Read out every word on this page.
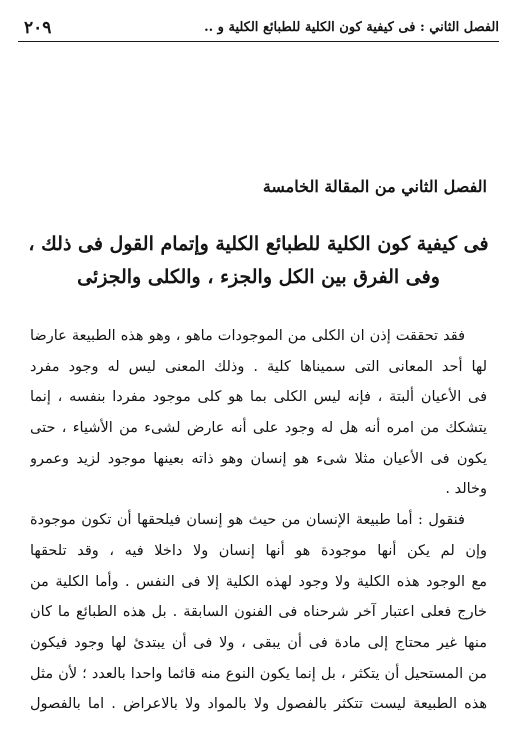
٢٠٩	الفصل الثاني : فى كيفية كون الكلية للطبائع الكلية و ..
الفصل الثاني من المقالة الخامسة
فى كيفية كون الكلية للطبائع الكلية وإتمام القول فى ذلك ،
وفى الفرق بين الكل والجزء ، والكلى والجزئى
فقد تحققت إذن ان الكلى من الموجودات ماهو ، وهو هذه الطبيعة عارضا
لها أحد المعانى التى سميناها كلية . وذلك المعنى ليس له وجود مفرد
فى الأعيان ألبتة ، فإنه ليس الكلى بما هو كلى موجود مفردا بنفسه ، إنما
يتشكك من امره أنه هل له وجود على أنه عارض لشىء من الأشياء ، حتى
يكون فى الأعيان مثلا شىء هو إنسان وهو ذاته بعينها موجود لزيد وعمرو
وخالد .
فنقول : أما طبيعة الإنسان من حيث هو إنسان فيلحقها أن تكون موجودة
وإن لم يكن أنها موجودة هو أنها إنسان ولا داخلا فيه ، وقد تلحقها
مع الوجود هذه الكلية ولا وجود لهذه الكلية إلا فى النفس . وأما الكلية من
خارج فعلى اعتبار آخر شرحناه فى الفنون السابقة . بل هذه الطبائع ما كان
منها غير محتاج إلى مادة فى أن يبقى ، ولا فى أن يبتدئ لها وجود فيكون
من المستحيل أن يتكثر ، بل إنما يكون النوع منه قائما واحدا بالعدد ؛ لأن مثل
هذه الطبيعة ليست تتكثر بالفصول ولا بالمواد ولا بالاعراض . اما بالفصول
